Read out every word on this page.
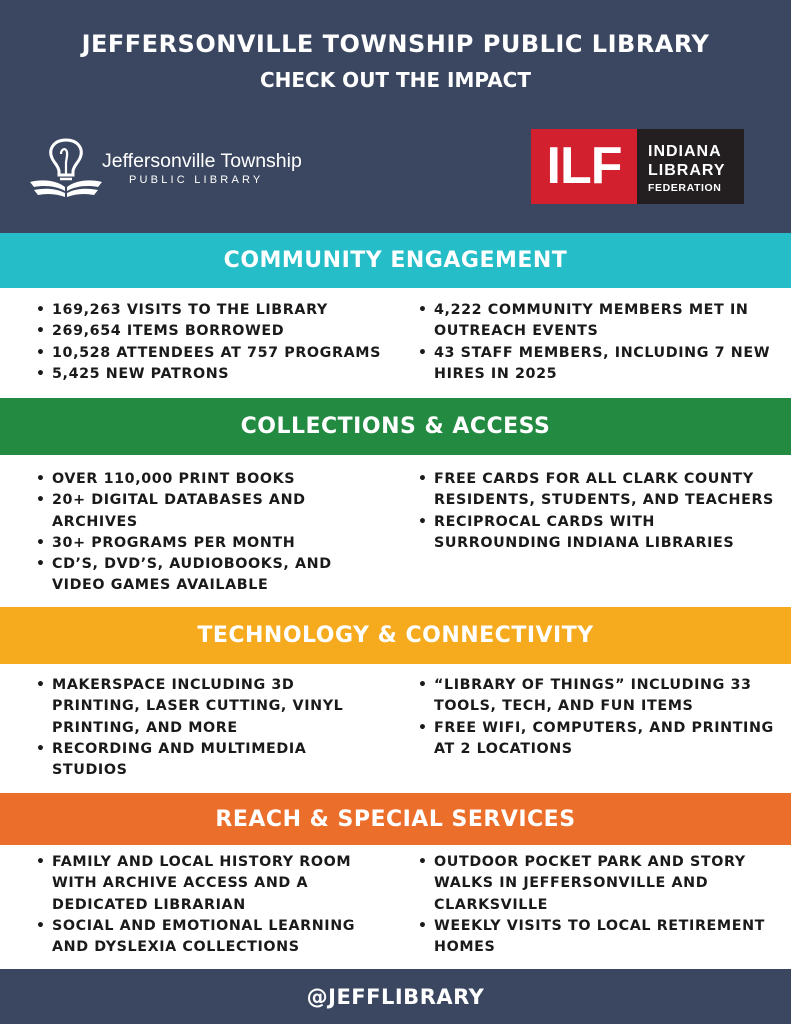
JEFFERSONVILLE TOWNSHIP PUBLIC LIBRARY
CHECK OUT THE IMPACT
Jeffersonville Township
PUBLIC LIBRARY	ILF	INDIANA
LIBRARY
FEDERATION
COMMUNITY ENGAGEMENT
• 169,263 VISITS TO THE LIBRARY
• 269,654 ITEMS BORROWED
• 10,528 ATTENDEES AT 757 PROGRAMS
• 5,425 NEW PATRONS
• 4,222 COMMUNITY MEMBERS MET IN OUTREACH EVENTS
• 43 STAFF MEMBERS, INCLUDING 7 NEW HIRES IN 2025
COLLECTIONS & ACCESS
• OVER 110,000 PRINT BOOKS
• 20+ DIGITAL DATABASES AND ARCHIVES
• 30+ PROGRAMS PER MONTH
• CD’S, DVD’S, AUDIOBOOKS, AND VIDEO GAMES AVAILABLE
• FREE CARDS FOR ALL CLARK COUNTY RESIDENTS, STUDENTS, AND TEACHERS
• RECIPROCAL CARDS WITH SURROUNDING INDIANA LIBRARIES
TECHNOLOGY & CONNECTIVITY
• MAKERSPACE INCLUDING 3D PRINTING, LASER CUTTING, VINYL PRINTING, AND MORE
• RECORDING AND MULTIMEDIA STUDIOS
• “LIBRARY OF THINGS” INCLUDING 33 TOOLS, TECH, AND FUN ITEMS
• FREE WIFI, COMPUTERS, AND PRINTING AT 2 LOCATIONS
REACH & SPECIAL SERVICES
• FAMILY AND LOCAL HISTORY ROOM WITH ARCHIVE ACCESS AND A DEDICATED LIBRARIAN
• SOCIAL AND EMOTIONAL LEARNING AND DYSLEXIA COLLECTIONS
• OUTDOOR POCKET PARK AND STORY WALKS IN JEFFERSONVILLE AND CLARKSVILLE
• WEEKLY VISITS TO LOCAL RETIREMENT HOMES
@JEFFLIBRARY
